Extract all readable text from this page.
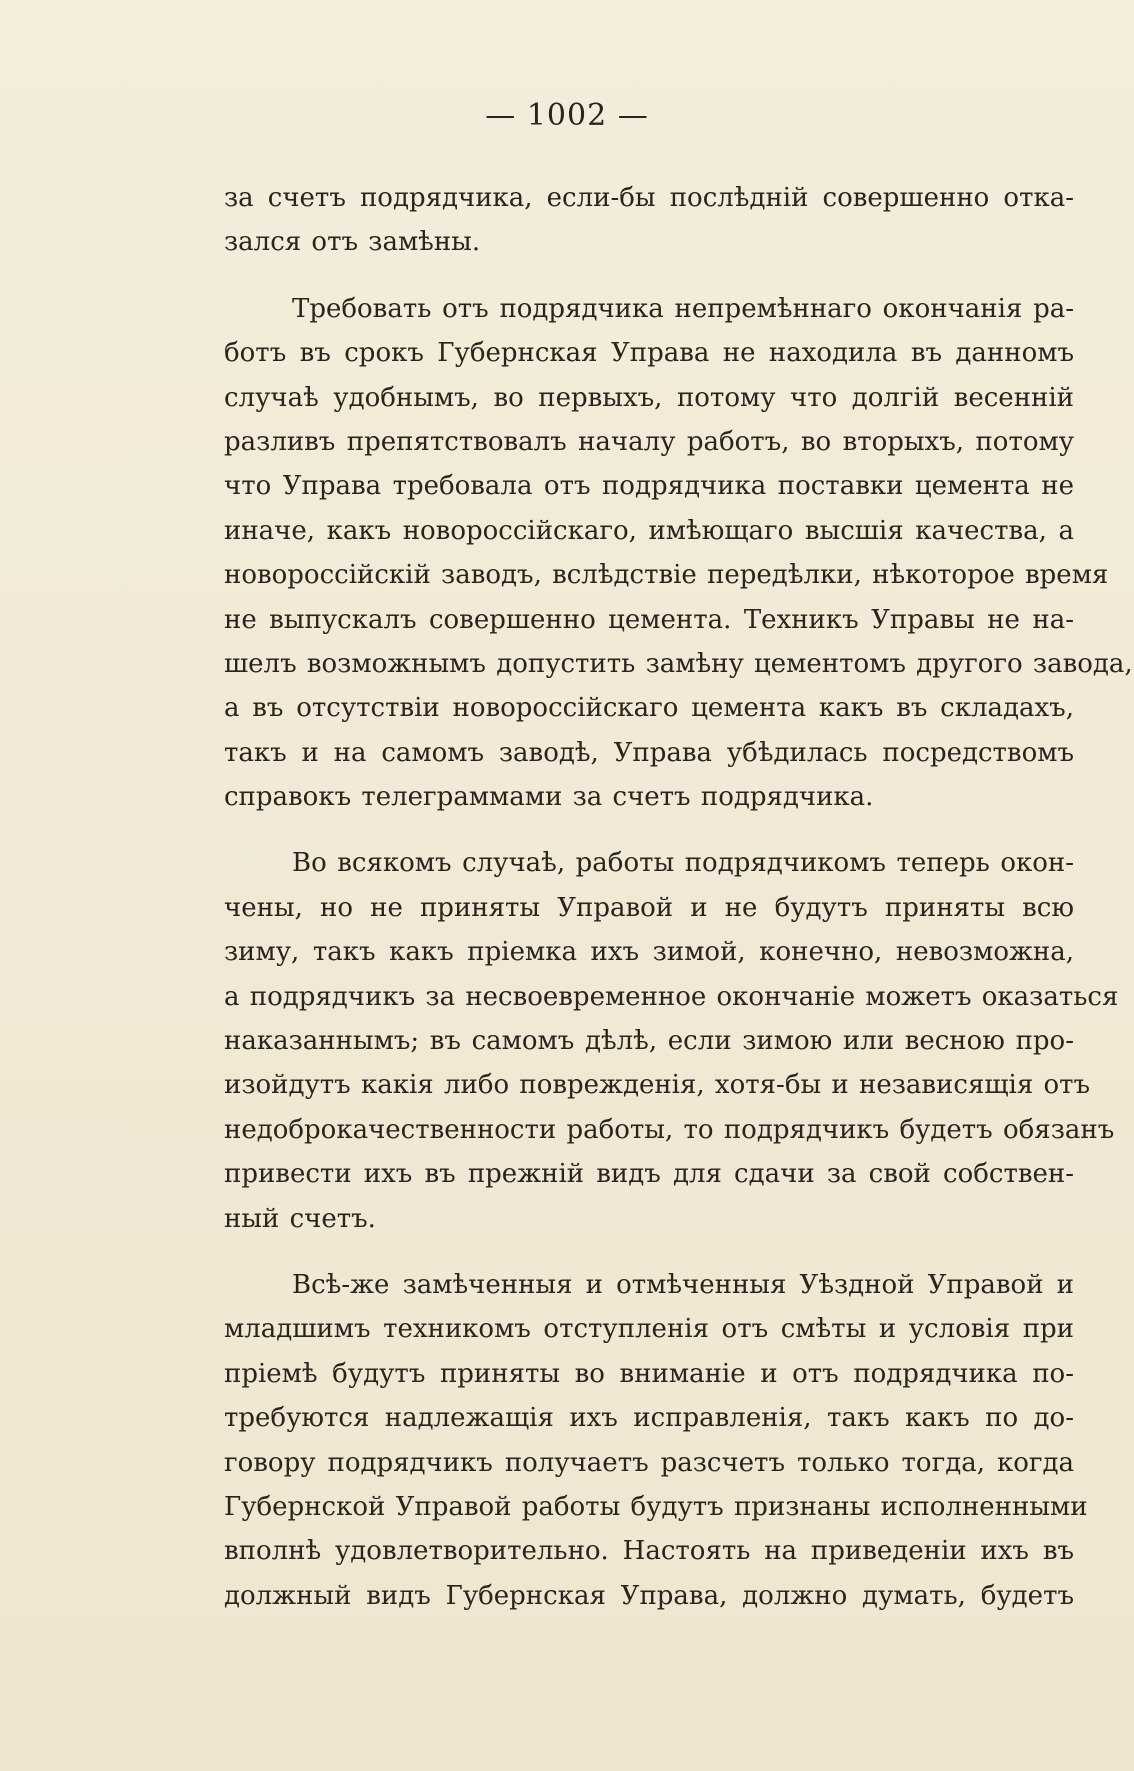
— 1002 —
за счетъ подрядчика, если-бы послѣднiй совершенно отка-
зался отъ замѣны.
Требовать отъ подрядчика непремѣннаго окончанiя ра-
ботъ въ срокъ Губернская Управа не находила въ данномъ
случаѣ удобнымъ, во первыхъ, потому что долгiй весеннiй
разливъ препятствовалъ началу работъ, во вторыхъ, потому
что Управа требовала отъ подрядчика поставки цемента не
иначе, какъ новороссiйскаго, имѣющаго высшiя качества, а
новороссiйскiй заводъ, вслѣдствiе передѣлки, нѣкоторое время
не выпускалъ совершенно цемента. Техникъ Управы не на-
шелъ возможнымъ допустить замѣну цементомъ другого завода,
а въ отсутствiи новороссiйскаго цемента какъ въ складахъ,
такъ и на самомъ заводѣ, Управа убѣдилась посредствомъ
справокъ телеграммами за счетъ подрядчика.
Во всякомъ случаѣ, работы подрядчикомъ теперь окон-
чены, но не приняты Управой и не будутъ приняты всю
зиму, такъ какъ прiемка ихъ зимой, конечно, невозможна,
а подрядчикъ за несвоевременное окончанiе можетъ оказаться
наказаннымъ; въ самомъ дѣлѣ, если зимою или весною про-
изойдутъ какiя либо поврежденiя, хотя-бы и независящiя отъ
недоброкачественности работы, то подрядчикъ будетъ обязанъ
привести ихъ въ прежнiй видъ для сдачи за свой собствен-
ный счетъ.
Всѣ-же замѣченныя и отмѣченныя Уѣздной Управой и
младшимъ техникомъ отступленiя отъ смѣты и условiя при
прiемѣ будутъ приняты во вниманiе и отъ подрядчика по-
требуются надлежащiя ихъ исправленiя, такъ какъ по до-
говору подрядчикъ получаетъ разсчетъ только тогда, когда
Губернской Управой работы будутъ признаны исполненными
вполнѣ удовлетворительно. Настоять на приведенiи ихъ въ
должный видъ Губернская Управа, должно думать, будетъ
